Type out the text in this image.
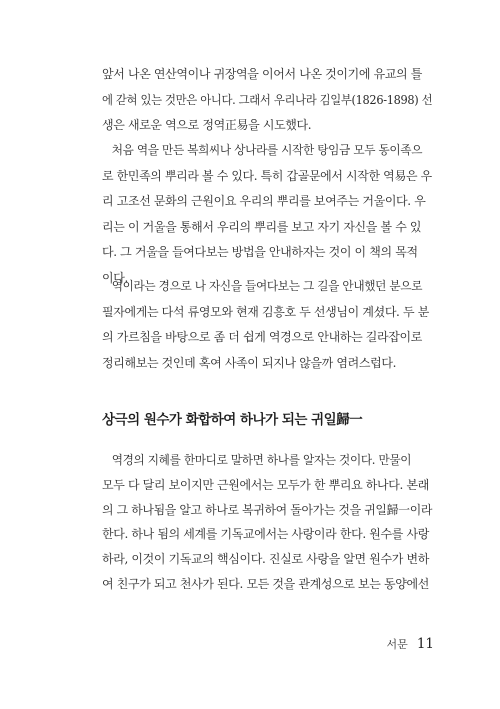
앞서 나온 연산역이나 귀장역을 이어서 나온 것이기에 유교의 틀
에 갇혀 있는 것만은 아니다. 그래서 우리나라 김일부(1826-1898) 선
생은 새로운 역으로 정역正易을 시도했다.
처음 역을 만든 복희씨나 상나라를 시작한 탕임금 모두 동이족으
로 한민족의 뿌리라 볼 수 있다. 특히 갑골문에서 시작한 역易은 우
리 고조선 문화의 근원이요 우리의 뿌리를 보여주는 거울이다. 우
리는 이 거울을 통해서 우리의 뿌리를 보고 자기 자신을 볼 수 있
다. 그 거울을 들여다보는 방법을 안내하자는 것이 이 책의 목적
이다.
역이라는 경으로 나 자신을 들여다보는 그 길을 안내했던 분으로
필자에게는 다석 류영모와 현재 김흥호 두 선생님이 계셨다. 두 분
의 가르침을 바탕으로 좀 더 쉽게 역경으로 안내하는 길라잡이로
정리해보는 것인데 혹여 사족이 되지나 않을까 염려스럽다.
상극의 원수가 화합하여 하나가 되는 귀일歸一
역경의 지혜를 한마디로 말하면 하나를 알자는 것이다. 만물이
모두 다 달리 보이지만 근원에서는 모두가 한 뿌리요 하나다. 본래
의 그 하나됨을 알고 하나로 복귀하여 돌아가는 것을 귀일歸一이라
한다. 하나 됨의 세계를 기독교에서는 사랑이라 한다. 원수를 사랑
하라, 이것이 기독교의 핵심이다. 진실로 사랑을 알면 원수가 변하
여 친구가 되고 천사가 된다. 모든 것을 관계성으로 보는 동양에선
서문 11
